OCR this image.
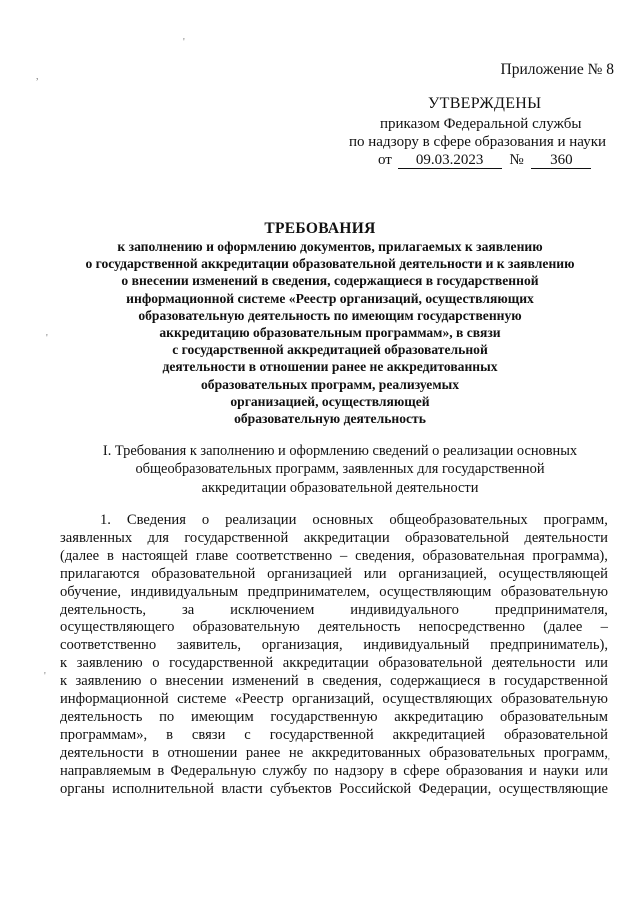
'
,
'
'
'
Приложение № 8
УТВЕРЖДЕНЫ
приказом Федеральной службы
по надзору в сфере образования и науки
от 09.03.2023 № 360
ТРЕБОВАНИЯ
к заполнению и оформлению документов, прилагаемых к заявлению
о государственной аккредитации образовательной деятельности и к заявлению
о внесении изменений в сведения, содержащиеся в государственной
информационной системе «Реестр организаций, осуществляющих
образовательную деятельность по имеющим государственную
аккредитацию образовательным программам», в связи
с государственной аккредитацией образовательной
деятельности в отношении ранее не аккредитованных
образовательных программ, реализуемых
организацией, осуществляющей
образовательную деятельность
I. Требования к заполнению и оформлению сведений о реализации основных
общеобразовательных программ, заявленных для государственной
аккредитации образовательной деятельности
1. Сведения о реализации основных общеобразовательных программ,
заявленных для государственной аккредитации образовательной деятельности
(далее в настоящей главе соответственно – сведения, образовательная программа),
прилагаются образовательной организацией или организацией, осуществляющей
обучение, индивидуальным предпринимателем, осуществляющим образовательную
деятельность, за исключением индивидуального предпринимателя,
осуществляющего образовательную деятельность непосредственно (далее –
соответственно заявитель, организация, индивидуальный предприниматель),
к заявлению о государственной аккредитации образовательной деятельности или
к заявлению о внесении изменений в сведения, содержащиеся в государственной
информационной системе «Реестр организаций, осуществляющих образовательную
деятельность по имеющим государственную аккредитацию образовательным
программам», в связи с государственной аккредитацией образовательной
деятельности в отношении ранее не аккредитованных образовательных программ,
направляемым в Федеральную службу по надзору в сфере образования и науки или
органы исполнительной власти субъектов Российской Федерации, осуществляющие
